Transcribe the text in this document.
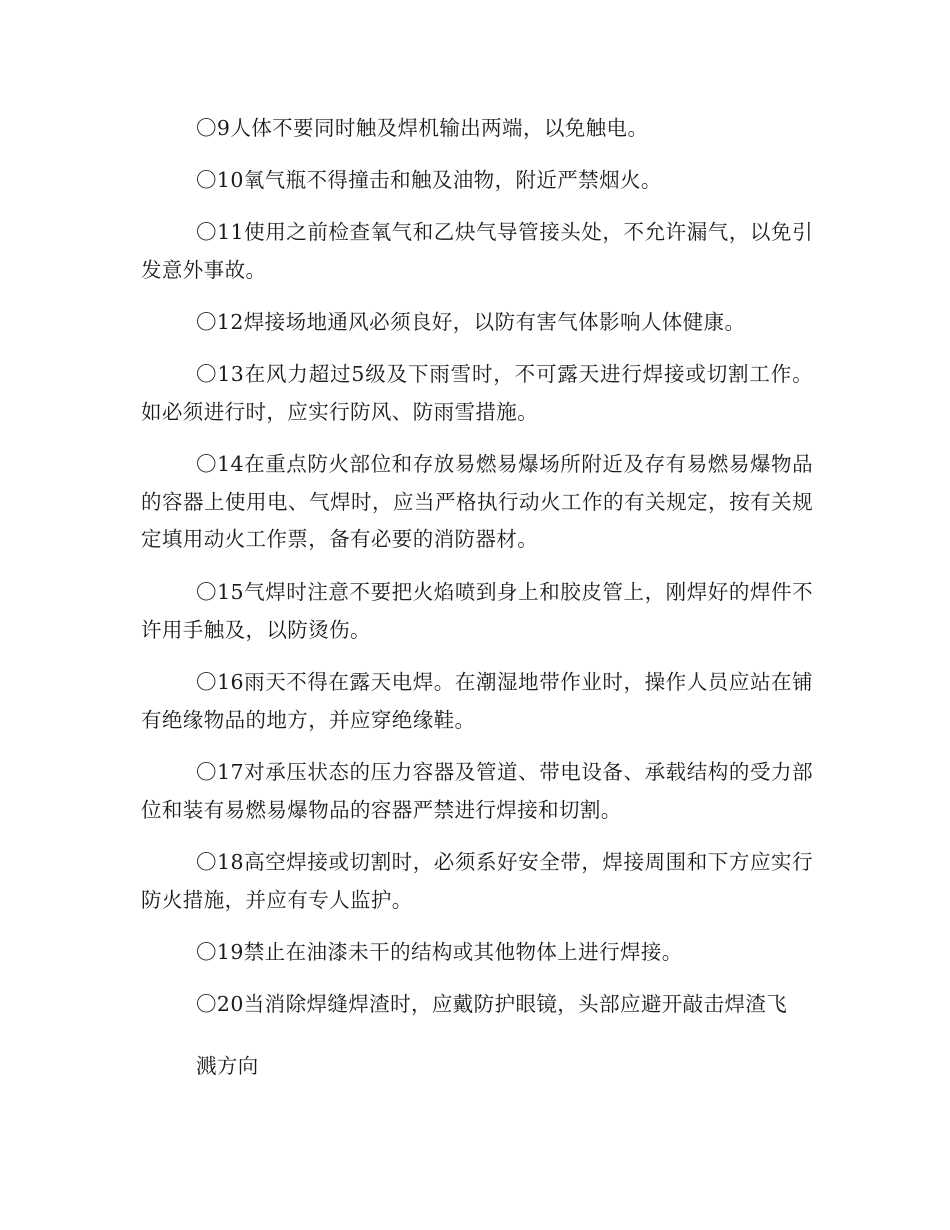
〇9人体不要同时触及焊机输出两端，以免触电。

〇10氧气瓶不得撞击和触及油物，附近严禁烟火。

〇11使用之前检查氧气和乙炔气导管接头处，不允许漏气，以免引发意外事故。

〇12焊接场地通风必须良好，以防有害气体影响人体健康。

〇13在风力超过5级及下雨雪时，不可露天进行焊接或切割工作。如必须进行时，应实行防风、防雨雪措施。

〇14在重点防火部位和存放易燃易爆场所附近及存有易燃易爆物品的容器上使用电、气焊时，应当严格执行动火工作的有关规定，按有关规定填用动火工作票，备有必要的消防器材。

〇15气焊时注意不要把火焰喷到身上和胶皮管上，刚焊好的焊件不许用手触及，以防烫伤。

〇16雨天不得在露天电焊。在潮湿地带作业时，操作人员应站在铺有绝缘物品的地方，并应穿绝缘鞋。

〇17对承压状态的压力容器及管道、带电设备、承载结构的受力部位和装有易燃易爆物品的容器严禁进行焊接和切割。

〇18高空焊接或切割时，必须系好安全带，焊接周围和下方应实行防火措施，并应有专人监护。

〇19禁止在油漆未干的结构或其他物体上进行焊接。

〇20当消除焊缝焊渣时，应戴防护眼镜，头部应避开敲击焊渣飞
溅方向
